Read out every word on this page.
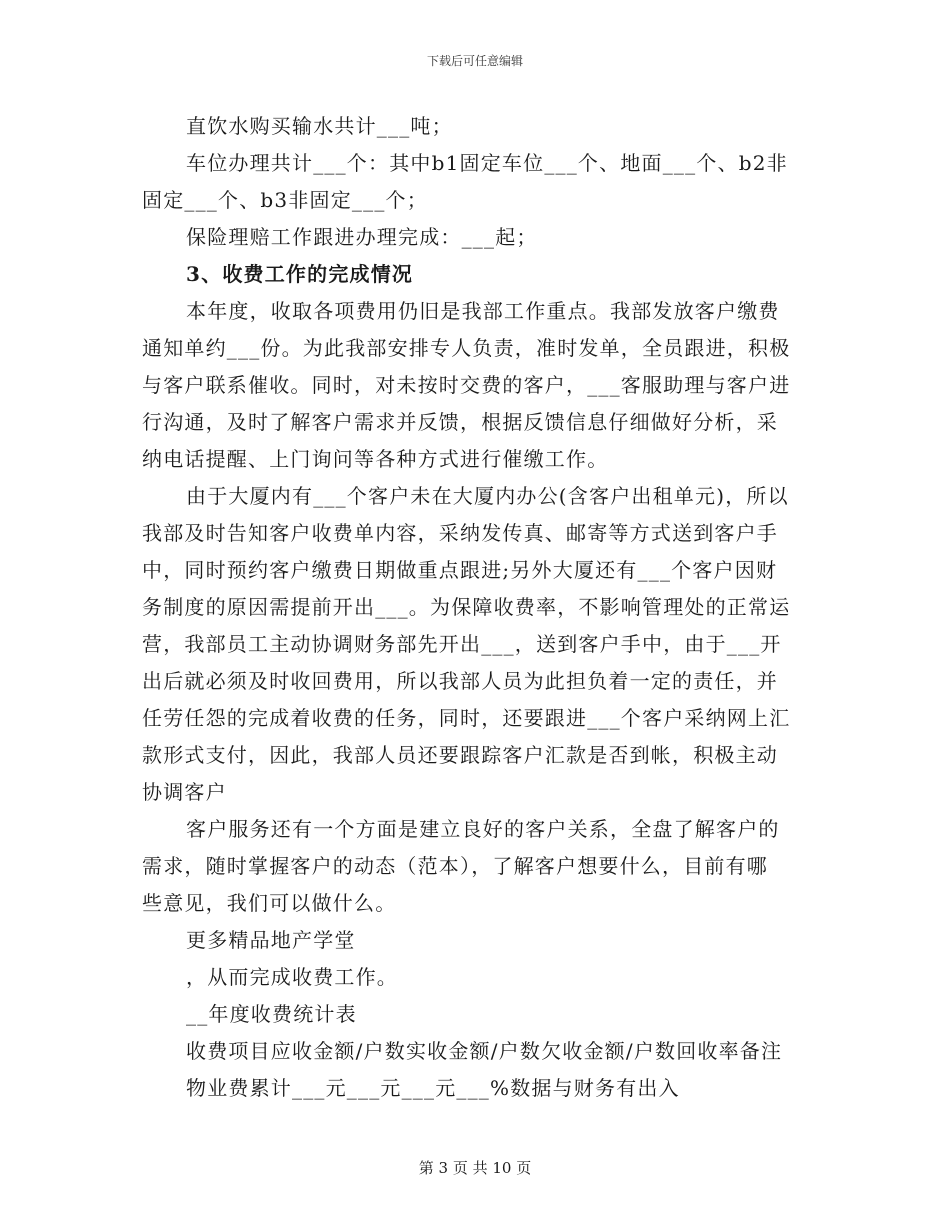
下载后可任意编辑
直饮水购买输水共计___吨；
车位办理共计___个：其中b1固定车位___个、地面___个、b2非
固定___个、b3非固定___个；
保险理赔工作跟进办理完成：___起；
3、收费工作的完成情况
本年度，收取各项费用仍旧是我部工作重点。我部发放客户缴费
通知单约___份。为此我部安排专人负责，准时发单，全员跟进，积极
与客户联系催收。同时，对未按时交费的客户，___客服助理与客户进
行沟通，及时了解客户需求并反馈，根据反馈信息仔细做好分析，采
纳电话提醒、上门询问等各种方式进行催缴工作。
由于大厦内有___个客户未在大厦内办公(含客户出租单元)，所以
我部及时告知客户收费单内容，采纳发传真、邮寄等方式送到客户手
中，同时预约客户缴费日期做重点跟进;另外大厦还有___个客户因财
务制度的原因需提前开出___。为保障收费率，不影响管理处的正常运
营，我部员工主动协调财务部先开出___，送到客户手中，由于___开
出后就必须及时收回费用，所以我部人员为此担负着一定的责任，并
任劳任怨的完成着收费的任务，同时，还要跟进___个客户采纳网上汇
款形式支付，因此，我部人员还要跟踪客户汇款是否到帐，积极主动
协调客户
客户服务还有一个方面是建立良好的客户关系，全盘了解客户的
需求，随时掌握客户的动态（范本），了解客户想要什么，目前有哪
些意见，我们可以做什么。
更多精品地产学堂
，从而完成收费工作。
__年度收费统计表
收费项目应收金额/户数实收金额/户数欠收金额/户数回收率备注
物业费累计___元___元___元___%数据与财务有出入
第 3 页 共 10 页
